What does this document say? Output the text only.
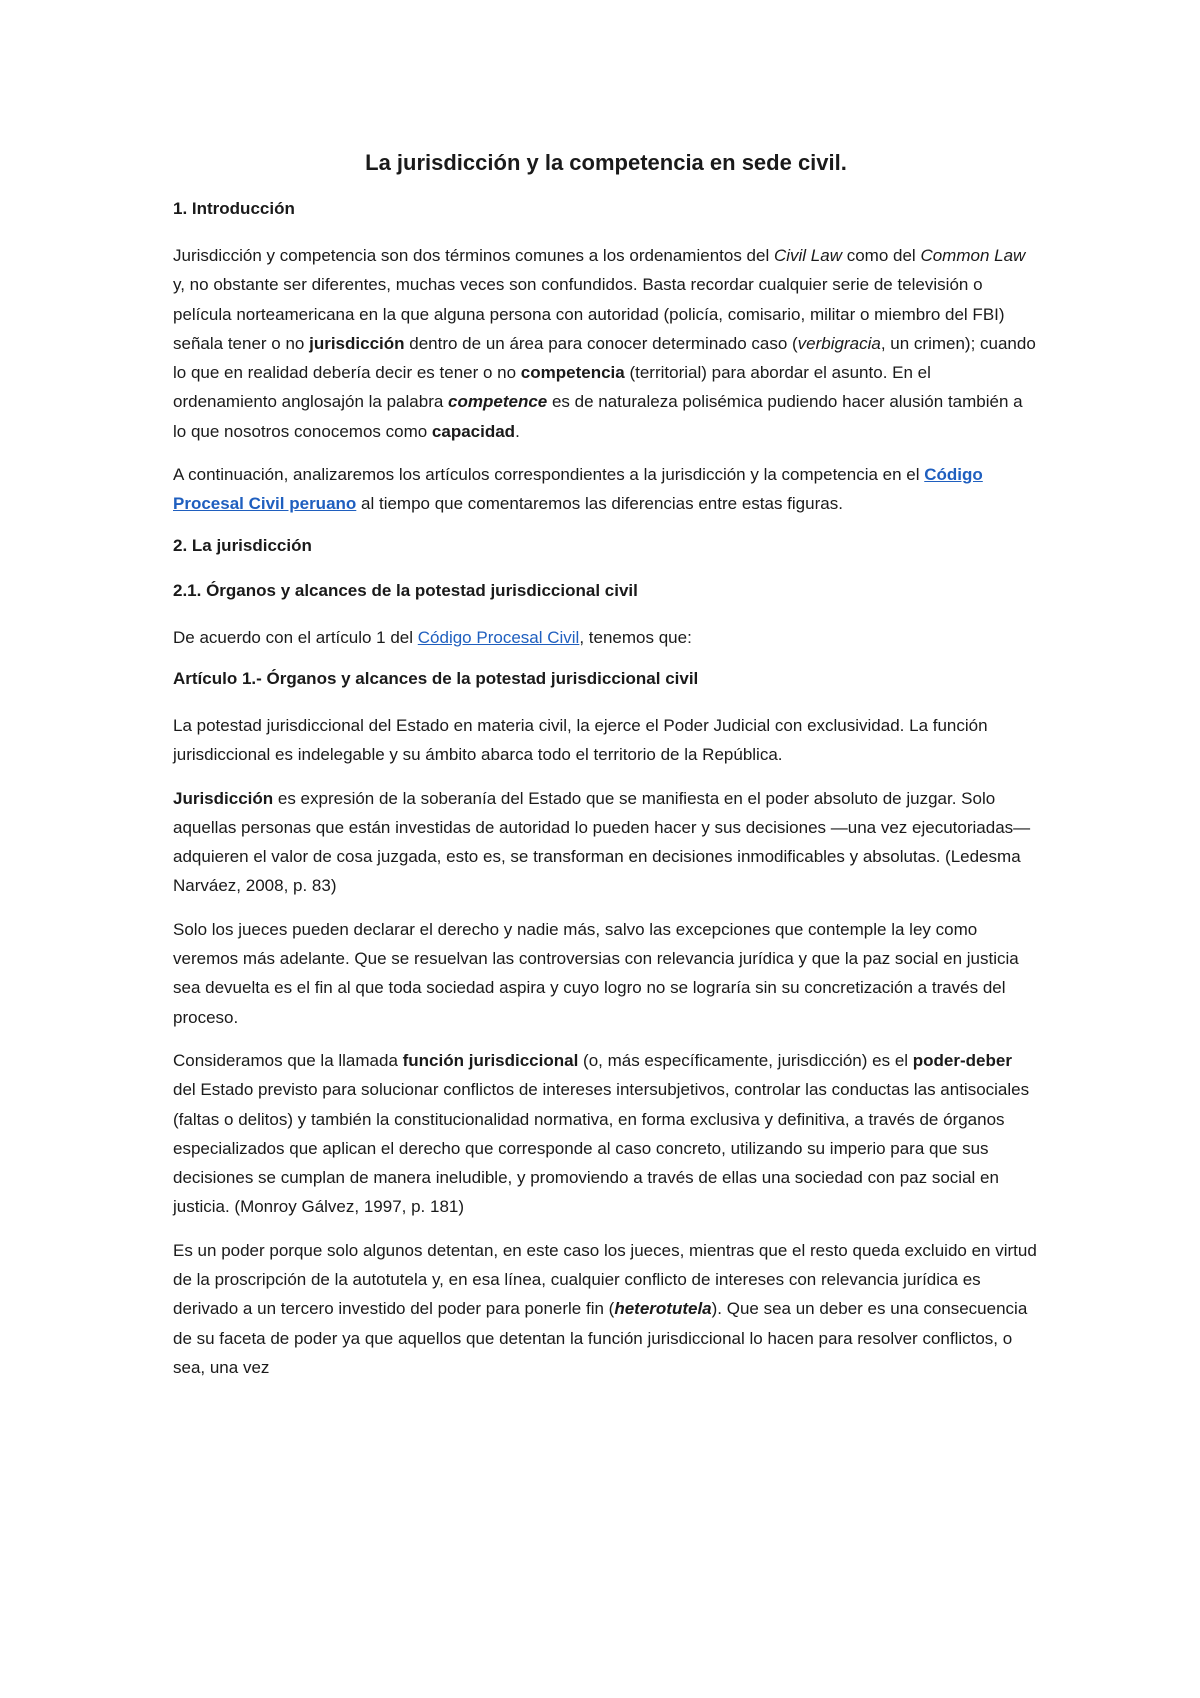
La jurisdicción y la competencia en sede civil.
1. Introducción

Jurisdicción y competencia son dos términos comunes a los ordenamientos del Civil Law como del Common Law y, no obstante ser diferentes, muchas veces son confundidos. Basta recordar cualquier serie de televisión o película norteamericana en la que alguna persona con autoridad (policía, comisario, militar o miembro del FBI) señala tener o no jurisdicción dentro de un área para conocer determinado caso (verbigracia, un crimen); cuando lo que en realidad debería decir es tener o no competencia (territorial) para abordar el asunto. En el ordenamiento anglosajón la palabra competence es de naturaleza polisémica pudiendo hacer alusión también a lo que nosotros conocemos como capacidad.

A continuación, analizaremos los artículos correspondientes a la jurisdicción y la competencia en el Código Procesal Civil peruano al tiempo que comentaremos las diferencias entre estas figuras.

2. La jurisdicción
2.1. Órganos y alcances de la potestad jurisdiccional civil

De acuerdo con el artículo 1 del Código Procesal Civil, tenemos que:

Artículo 1.- Órganos y alcances de la potestad jurisdiccional civil

La potestad jurisdiccional del Estado en materia civil, la ejerce el Poder Judicial con exclusividad. La función jurisdiccional es indelegable y su ámbito abarca todo el territorio de la República.

Jurisdicción es expresión de la soberanía del Estado que se manifiesta en el poder absoluto de juzgar. Solo aquellas personas que están investidas de autoridad lo pueden hacer y sus decisiones —una vez ejecutoriadas— adquieren el valor de cosa juzgada, esto es, se transforman en decisiones inmodificables y absolutas. (Ledesma Narváez, 2008, p. 83)

Solo los jueces pueden declarar el derecho y nadie más, salvo las excepciones que contemple la ley como veremos más adelante. Que se resuelvan las controversias con relevancia jurídica y que la paz social en justicia sea devuelta es el fin al que toda sociedad aspira y cuyo logro no se lograría sin su concretización a través del proceso.

Consideramos que la llamada función jurisdiccional (o, más específicamente, jurisdicción) es el poder-deber del Estado previsto para solucionar conflictos de intereses intersubjetivos, controlar las conductas las antisociales (faltas o delitos) y también la constitucionalidad normativa, en forma exclusiva y definitiva, a través de órganos especializados que aplican el derecho que corresponde al caso concreto, utilizando su imperio para que sus decisiones se cumplan de manera ineludible, y promoviendo a través de ellas una sociedad con paz social en justicia. (Monroy Gálvez, 1997, p. 181)

Es un poder porque solo algunos detentan, en este caso los jueces, mientras que el resto queda excluido en virtud de la proscripción de la autotutela y, en esa línea, cualquier conflicto de intereses con relevancia jurídica es derivado a un tercero investido del poder para ponerle fin (heterotutela). Que sea un deber es una consecuencia de su faceta de poder ya que aquellos que detentan la función jurisdiccional lo hacen para resolver conflictos, o sea, una vez
